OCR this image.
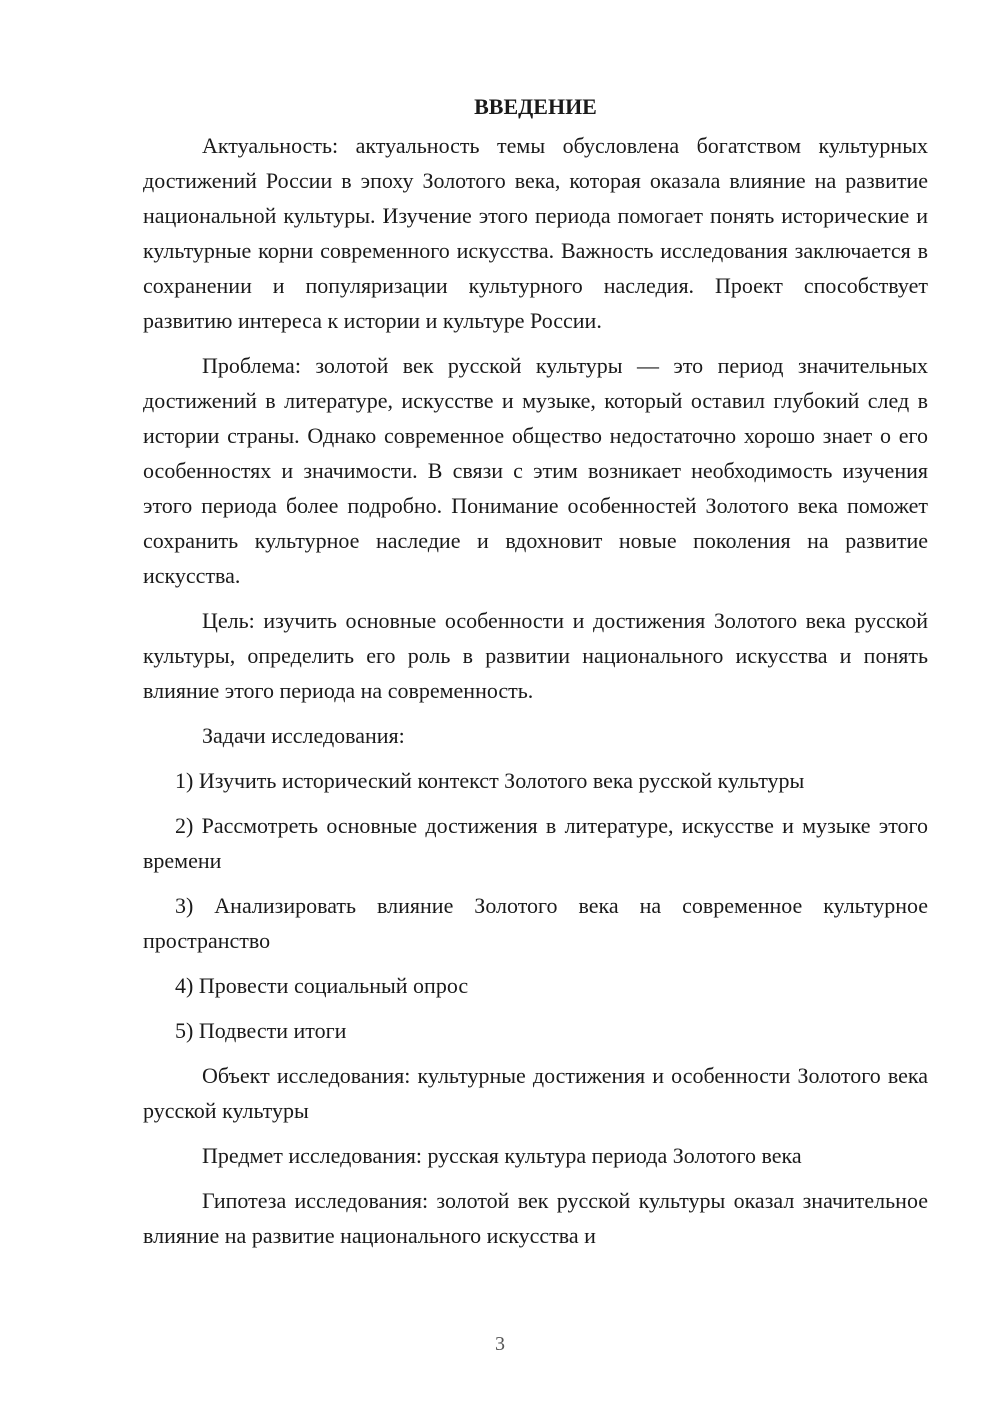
ВВЕДЕНИЕ

Актуальность: актуальность темы обусловлена богатством культурных достижений России в эпоху Золотого века, которая оказала влияние на развитие национальной культуры. Изучение этого периода помогает понять исторические и культурные корни современного искусства. Важность исследования заключается в сохранении и популяризации культурного наследия. Проект способствует развитию интереса к истории и культуре России.

Проблема: золотой век русской культуры — это период значительных достижений в литературе, искусстве и музыке, который оставил глубокий след в истории страны. Однако современное общество недостаточно хорошо знает о его особенностях и значимости. В связи с этим возникает необходимость изучения этого периода более подробно. Понимание особенностей Золотого века поможет сохранить культурное наследие и вдохновит новые поколения на развитие искусства.

Цель: изучить основные особенности и достижения Золотого века русской культуры, определить его роль в развитии национального искусства и понять влияние этого периода на современность.

Задачи исследования:

1) Изучить исторический контекст Золотого века русской культуры

2) Рассмотреть основные достижения в литературе, искусстве и музыке этого времени

3) Анализировать влияние Золотого века на современное культурное пространство

4) Провести социальный опрос

5) Подвести итоги

Объект исследования: культурные достижения и особенности Золотого века русской культуры

Предмет исследования: русская культура периода Золотого века

Гипотеза исследования: золотой век русской культуры оказал значительное влияние на развитие национального искусства и

3
